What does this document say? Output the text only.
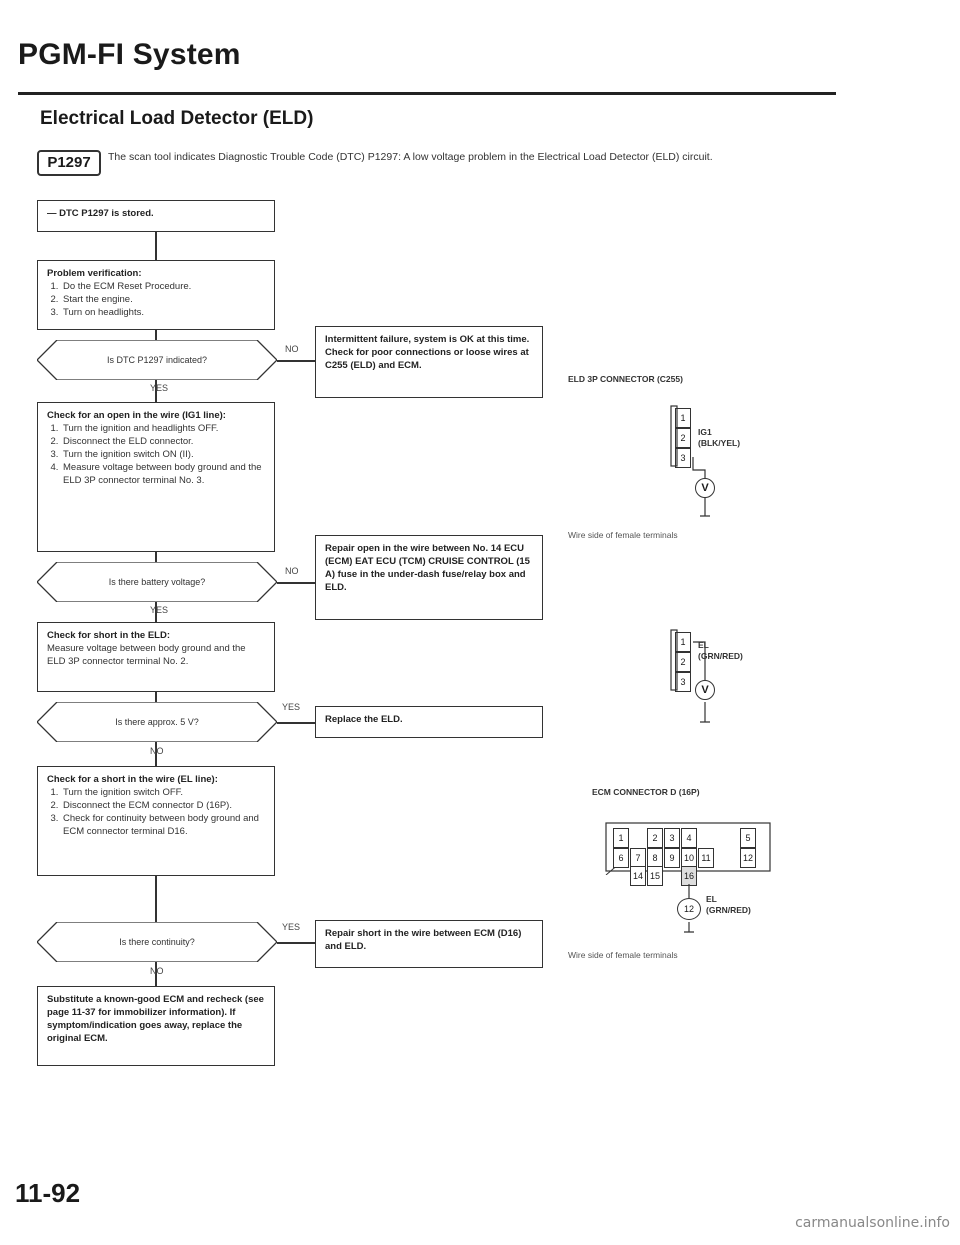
PGM-FI System
Electrical Load Detector (ELD)
P1297	The scan tool indicates Diagnostic Trouble Code (DTC) P1297: A low voltage problem in the Electrical Load Detector (ELD) circuit.
— DTC P1297 is stored.
Problem verification:
1. Do the ECM Reset Procedure.
2. Start the engine.
3. Turn on headlights.
Is DTC P1297 indicated?
NO
Intermittent failure, system is OK at this time. Check for poor connections or loose wires at C255 (ELD) and ECM.
YES
Check for an open in the wire (IG1 line):
1. Turn the ignition and headlights OFF.
2. Disconnect the ELD connector.
3. Turn the ignition switch ON (II).
4. Measure voltage between body ground and the ELD 3P connector terminal No. 3.
Is there battery voltage?
NO
Repair open in the wire between No. 14 ECU (ECM) EAT ECU (TCM) CRUISE CONTROL (15 A) fuse in the under-dash fuse/relay box and ELD.
YES
Check for short in the ELD:
Measure voltage between body ground and the ELD 3P connector terminal No. 2.
Is there approx. 5 V?
YES
Replace the ELD.
NO
Check for a short in the wire (EL line):
1. Turn the ignition switch OFF.
2. Disconnect the ECM connector D (16P).
3. Check for continuity between body ground and ECM connector terminal D16.
Is there continuity?
YES
Repair short in the wire between ECM (D16) and ELD.
NO
Substitute a known-good ECM and recheck (see page 11-37 for immobilizer information). If symptom/indication goes away, replace the original ECM.
ELD 3P CONNECTOR (C255)
1
2
3
IG1
(BLK/YEL)
V
Wire side of female terminals
1
2
3
EL
(GRN/RED)
V
ECM CONNECTOR D (16P)
1	2	3	4	5
6	7	8	9	10 11	12
14 15	16
12
EL
(GRN/RED)
Wire side of female terminals
11-92
carmanualsonline.info
